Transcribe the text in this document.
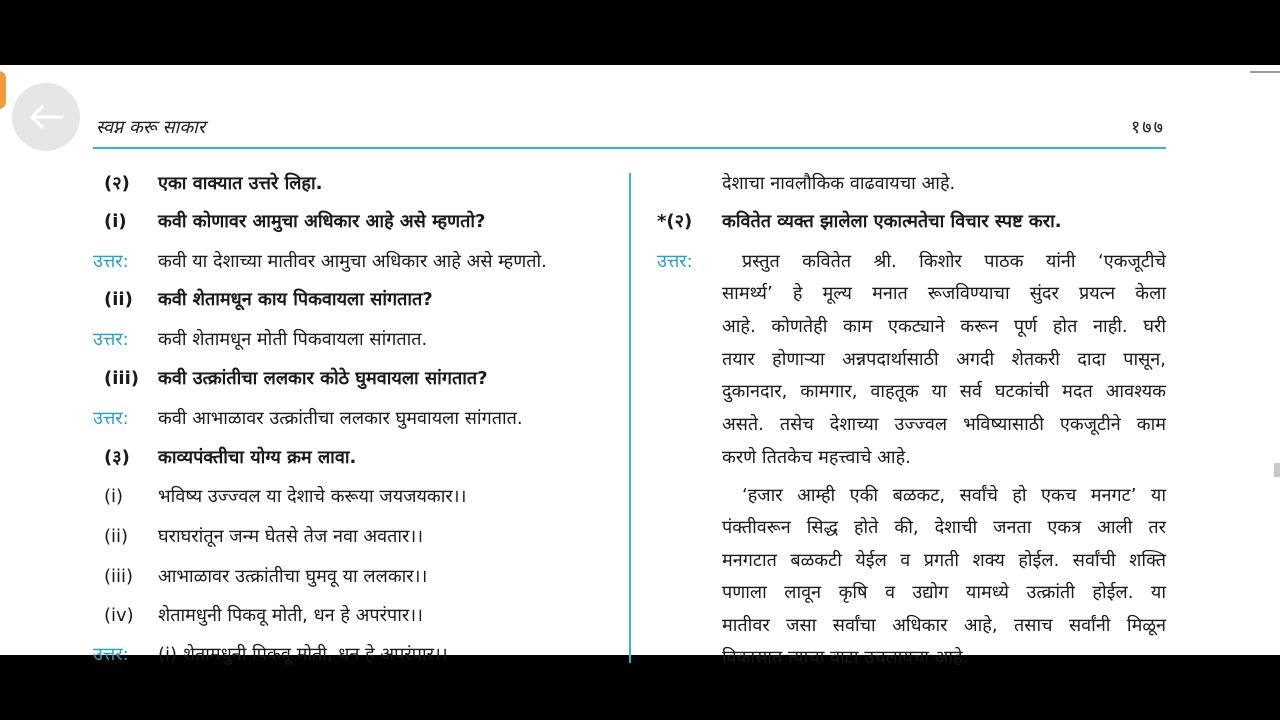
स्वप्न करू साकार	१७७
(२) एका वाक्यात उत्तरे लिहा.
(i) कवी कोणावर आमुचा अधिकार आहे असे म्हणतो?
उत्तर: कवी या देशाच्या मातीवर आमुचा अधिकार आहे असे म्हणतो.
(ii) कवी शेतामधून काय पिकवायला सांगतात?
उत्तर: कवी शेतामधून मोती पिकवायला सांगतात.
(iii) कवी उत्क्रांतीचा ललकार कोठे घुमवायला सांगतात?
उत्तर: कवी आभाळावर उत्क्रांतीचा ललकार घुमवायला सांगतात.
(३) काव्यपंक्तीचा योग्य क्रम लावा.
(i) भविष्य उज्ज्वल या देशाचे करूया जयजयकार।।
(ii) घराघरांतून जन्म घेतसे तेज नवा अवतार।।
(iii) आभाळावर उत्क्रांतीचा घुमवू या ललकार।।
(iv) शेतामधुनी पिकवू मोती, धन हे अपरंपार।।
उत्तर: (i) शेतामधुनी पिकवू मोती, धन हे अपरंपार।।
देशाचा नावलौकिक वाढवायचा आहे.
*(२) कवितेत व्यक्त झालेला एकात्मतेचा विचार स्पष्ट करा.
उत्तर:	प्रस्तुत कवितेत श्री. किशोर पाठक यांनी ‘एकजूटीचे
सामर्थ्य’ हे मूल्य मनात रूजविण्याचा सुंदर प्रयत्न केला
आहे. कोणतेही काम एकट्याने करून पूर्ण होत नाही. घरी
तयार होणाऱ्या अन्नपदार्थासाठी अगदी शेतकरी दादा पासून,
दुकानदार, कामगार, वाहतूक या सर्व घटकांची मदत आवश्यक
असते. तसेच देशाच्या उज्ज्वल भविष्यासाठी एकजूटीने काम
करणे तितकेच महत्त्वाचे आहे.
‘हजार आम्ही एकी बळकट, सर्वांचे हो एकच मनगट’ या
पंक्तीवरून सिद्ध होते की, देशाची जनता एकत्र आली तर
मनगटात बळकटी येईल व प्रगती शक्य होईल. सर्वांची शक्ति
पणाला लावून कृषि व उद्योग यामध्ये उत्क्रांती होईल. या
मातीवर जसा सर्वांचा अधिकार आहे, तसाच सर्वांनी मिळून
विकासात त्याचा वाटा उचलायचा आहे.
